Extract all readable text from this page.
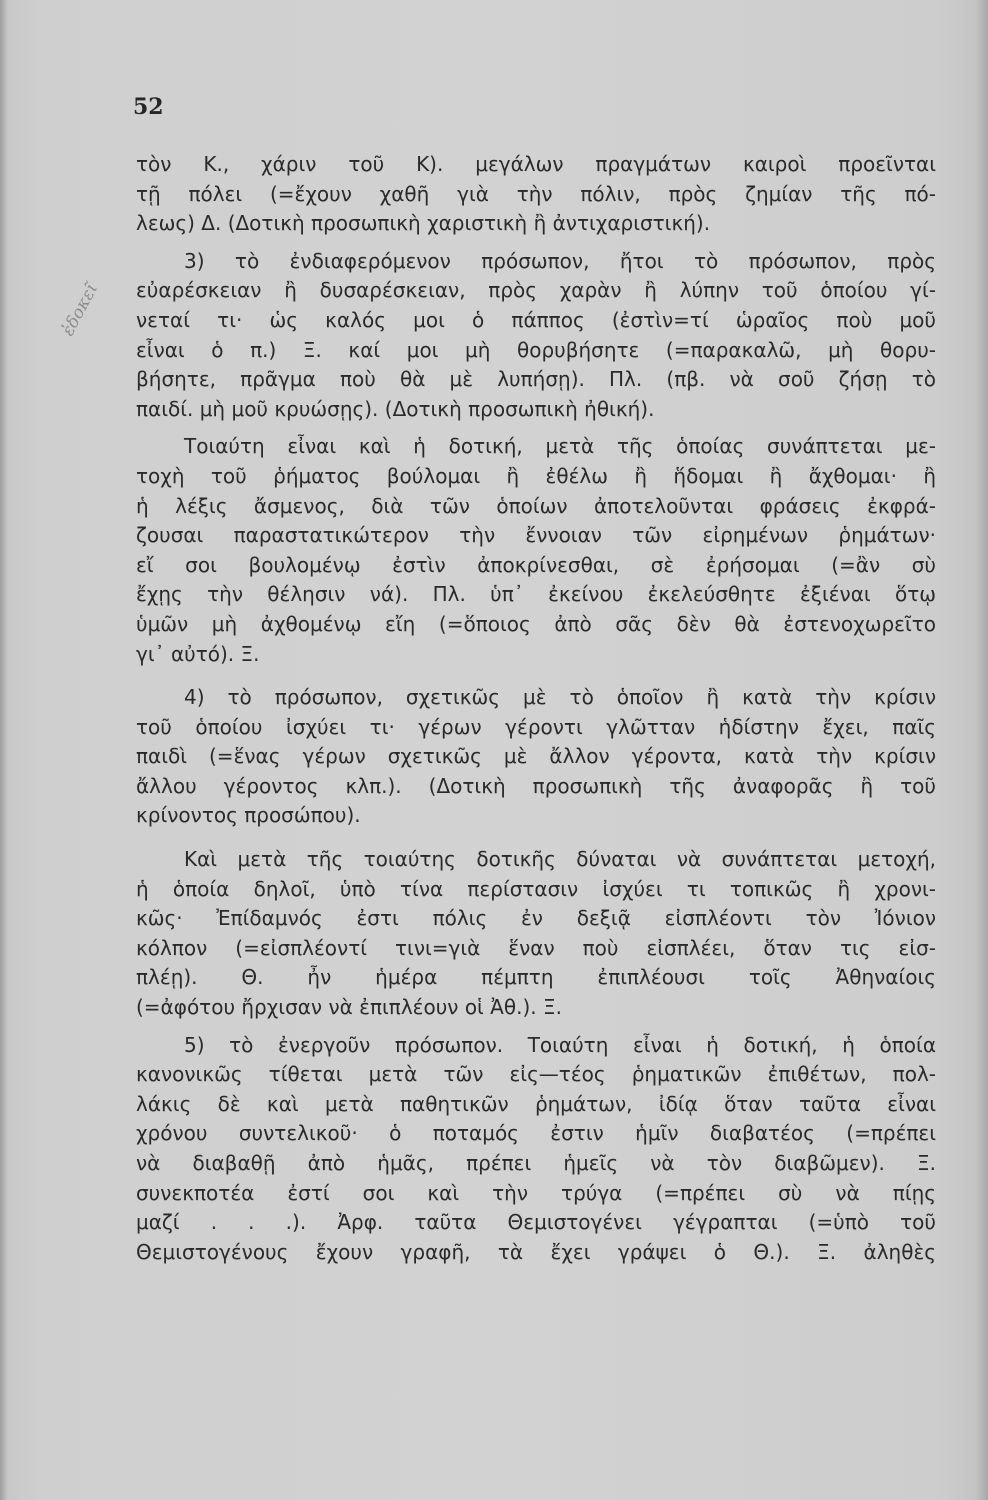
52
ἐδοκεῖ
τὸν Κ., χάριν τοῦ Κ). μεγάλων πραγμάτων καιροὶ προεῖνται
τῇ πόλει (=ἔχουν χαθῆ γιὰ τὴν πόλιν, πρὸς ζημίαν τῆς πό-
λεως) Δ. (Δοτικὴ προσωπικὴ χαριστικὴ ἢ ἀντιχαριστική).
3) τὸ ἐνδιαφερόμενον πρόσωπον, ἤτοι τὸ πρόσωπον, πρὸς
εὐαρέσκειαν ἢ δυσαρέσκειαν, πρὸς χαρὰν ἢ λύπην τοῦ ὁποίου γί-
νεταί τι· ὡς καλός μοι ὁ πάππος (ἐστὶν=τί ὡραῖος ποὺ μοῦ
εἶναι ὁ π.) Ξ. καί μοι μὴ θορυβήσητε (=παρακαλῶ, μὴ θορυ-
βήσητε, πρᾶγμα ποὺ θὰ μὲ λυπήσῃ). Πλ. (πβ. νὰ σοῦ ζήσῃ τὸ
παιδί. μὴ μοῦ κρυώσῃς). (Δοτικὴ προσωπικὴ ἠθική).
Τοιαύτη εἶναι καὶ ἡ δοτική, μετὰ τῆς ὁποίας συνάπτεται με-
τοχὴ τοῦ ῥήματος βούλομαι ἢ ἐθέλω ἢ ἥδομαι ἢ ἄχθομαι· ἢ
ἡ λέξις ἄσμενος, διὰ τῶν ὁποίων ἀποτελοῦνται φράσεις ἐκφρά-
ζουσαι παραστατικώτερον τὴν ἔννοιαν τῶν εἰρημένων ῥημάτων·
εἴ σοι βουλομένῳ ἐστὶν ἀποκρίνεσθαι, σὲ ἐρήσομαι (=ἂν σὺ
ἔχῃς τὴν θέλησιν νά). Πλ. ὑπ᾽ ἐκείνου ἐκελεύσθητε ἐξιέναι ὅτῳ
ὑμῶν μὴ ἀχθομένῳ εἴη (=ὅποιος ἀπὸ σᾶς δὲν θὰ ἐστενοχωρεῖτο
γι᾽ αὐτό). Ξ.
4) τὸ πρόσωπον, σχετικῶς μὲ τὸ ὁποῖον ἢ κατὰ τὴν κρίσιν
τοῦ ὁποίου ἰσχύει τι· γέρων γέροντι γλῶτταν ἡδίστην ἔχει, παῖς
παιδὶ (=ἕνας γέρων σχετικῶς μὲ ἄλλον γέροντα, κατὰ τὴν κρίσιν
ἄλλου γέροντος κλπ.). (Δοτικὴ προσωπικὴ τῆς ἀναφορᾶς ἢ τοῦ
κρίνοντος προσώπου).
Καὶ μετὰ τῆς τοιαύτης δοτικῆς δύναται νὰ συνάπτεται μετοχή,
ἡ ὁποία δηλοῖ, ὑπὸ τίνα περίστασιν ἰσχύει τι τοπικῶς ἢ χρονι-
κῶς· Ἐπίδαμνός ἐστι πόλις ἐν δεξιᾷ εἰσπλέοντι τὸν Ἰόνιον
κόλπον (=εἰσπλέοντί τινι=γιὰ ἕναν ποὺ εἰσπλέει, ὅταν τις εἰσ-
πλέῃ). Θ. ἦν ἡμέρα πέμπτη ἐπιπλέουσι τοῖς Ἀθηναίοις
(=ἀφότου ἤρχισαν νὰ ἐπιπλέουν οἱ Ἀθ.). Ξ.
5) τὸ ἐνεργοῦν πρόσωπον. Τοιαύτη εἶναι ἡ δοτική, ἡ ὁποία
κανονικῶς τίθεται μετὰ τῶν εἰς—τέος ῥηματικῶν ἐπιθέτων, πολ-
λάκις δὲ καὶ μετὰ παθητικῶν ῥημάτων, ἰδίᾳ ὅταν ταῦτα εἶναι
χρόνου συντελικοῦ· ὁ ποταμός ἐστιν ἡμῖν διαβατέος (=πρέπει
νὰ διαβαθῇ ἀπὸ ἡμᾶς, πρέπει ἡμεῖς νὰ τὸν διαβῶμεν). Ξ.
συνεκποτέα ἐστί σοι καὶ τὴν τρύγα (=πρέπει σὺ νὰ πίῃς
μαζί . . .). Ἀρφ. ταῦτα Θεμιστογένει γέγραπται (=ὑπὸ τοῦ
Θεμιστογένους ἔχουν γραφῆ, τὰ ἔχει γράψει ὁ Θ.). Ξ. ἀληθὲς
